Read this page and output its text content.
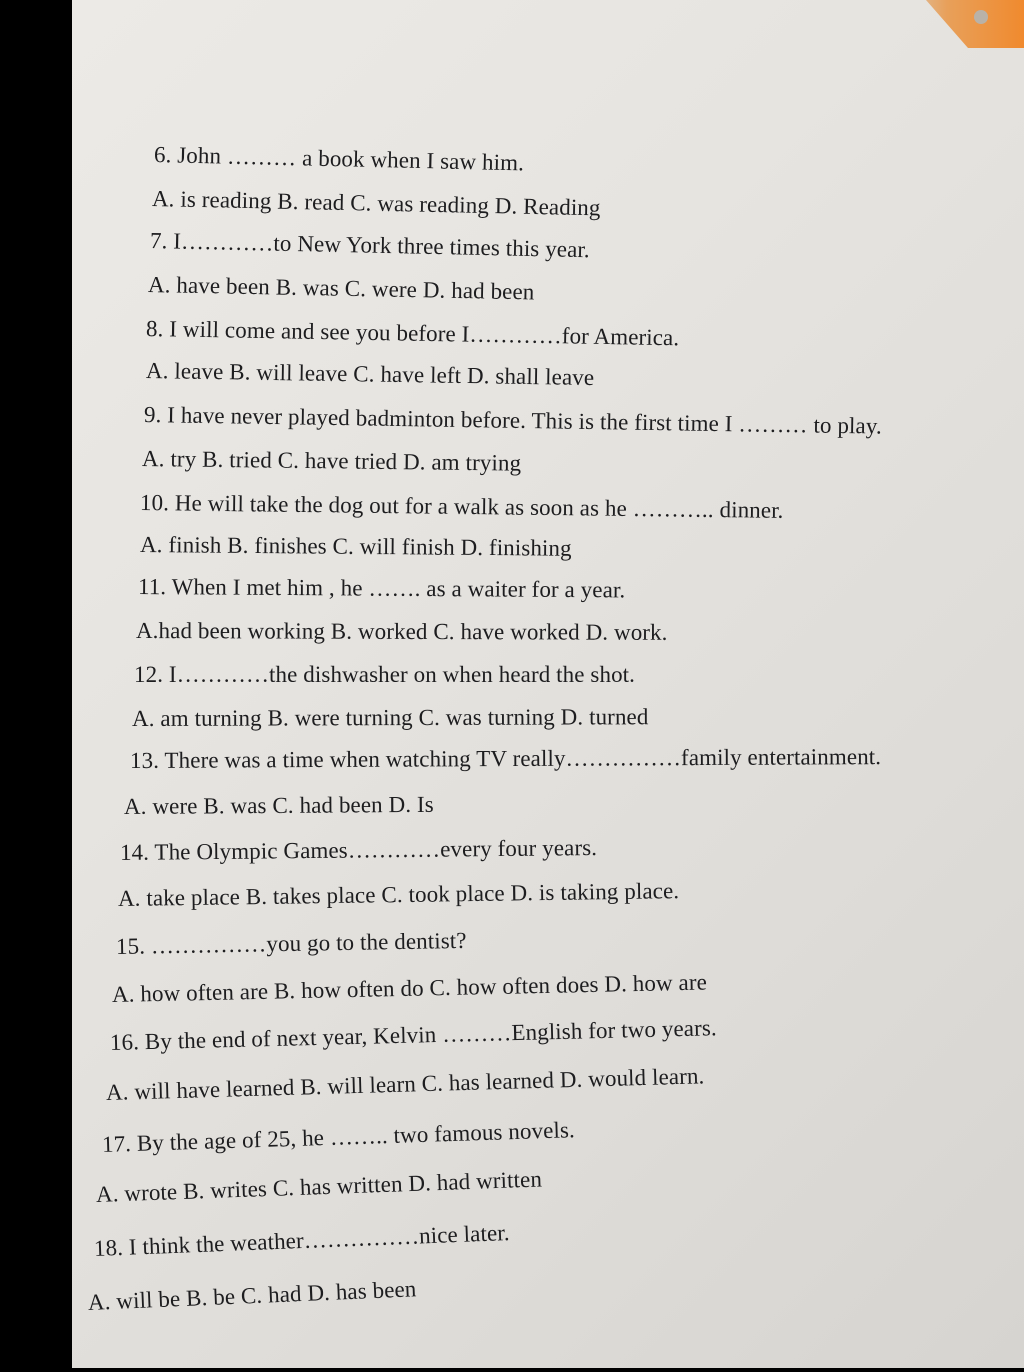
6. John ……… a book when I saw him.
A. is reading B. read C. was reading D. Reading
7. I…………to New York three times this year.
A. have been B. was C. were D. had been
8. I will come and see you before I…………for America.
A. leave B. will leave C. have left D. shall leave
9. I have never played badminton before. This is the first time I ……… to play.
A. try B. tried C. have tried D. am trying
10. He will take the dog out for a walk as soon as he ……….. dinner.
A. finish B. finishes C. will finish D. finishing
11. When I met him , he ……. as a waiter for a year.
A.had been working B. worked C. have worked D. work.
12. I…………the dishwasher on when heard the shot.
A. am turning B. were turning C. was turning D. turned
13. There was a time when watching TV really……………family entertainment.
A. were B. was C. had been D. Is
14. The Olympic Games…………every four years.
A. take place B. takes place C. took place D. is taking place.
15. ……………you go to the dentist?
A. how often are B. how often do C. how often does D. how are
16. By the end of next year, Kelvin ………English for two years.
A. will have learned B. will learn C. has learned D. would learn.
17. By the age of 25, he …….. two famous novels.
A. wrote B. writes C. has written D. had written
18. I think the weather……………nice later.
A. will be B. be C. had D. has been
